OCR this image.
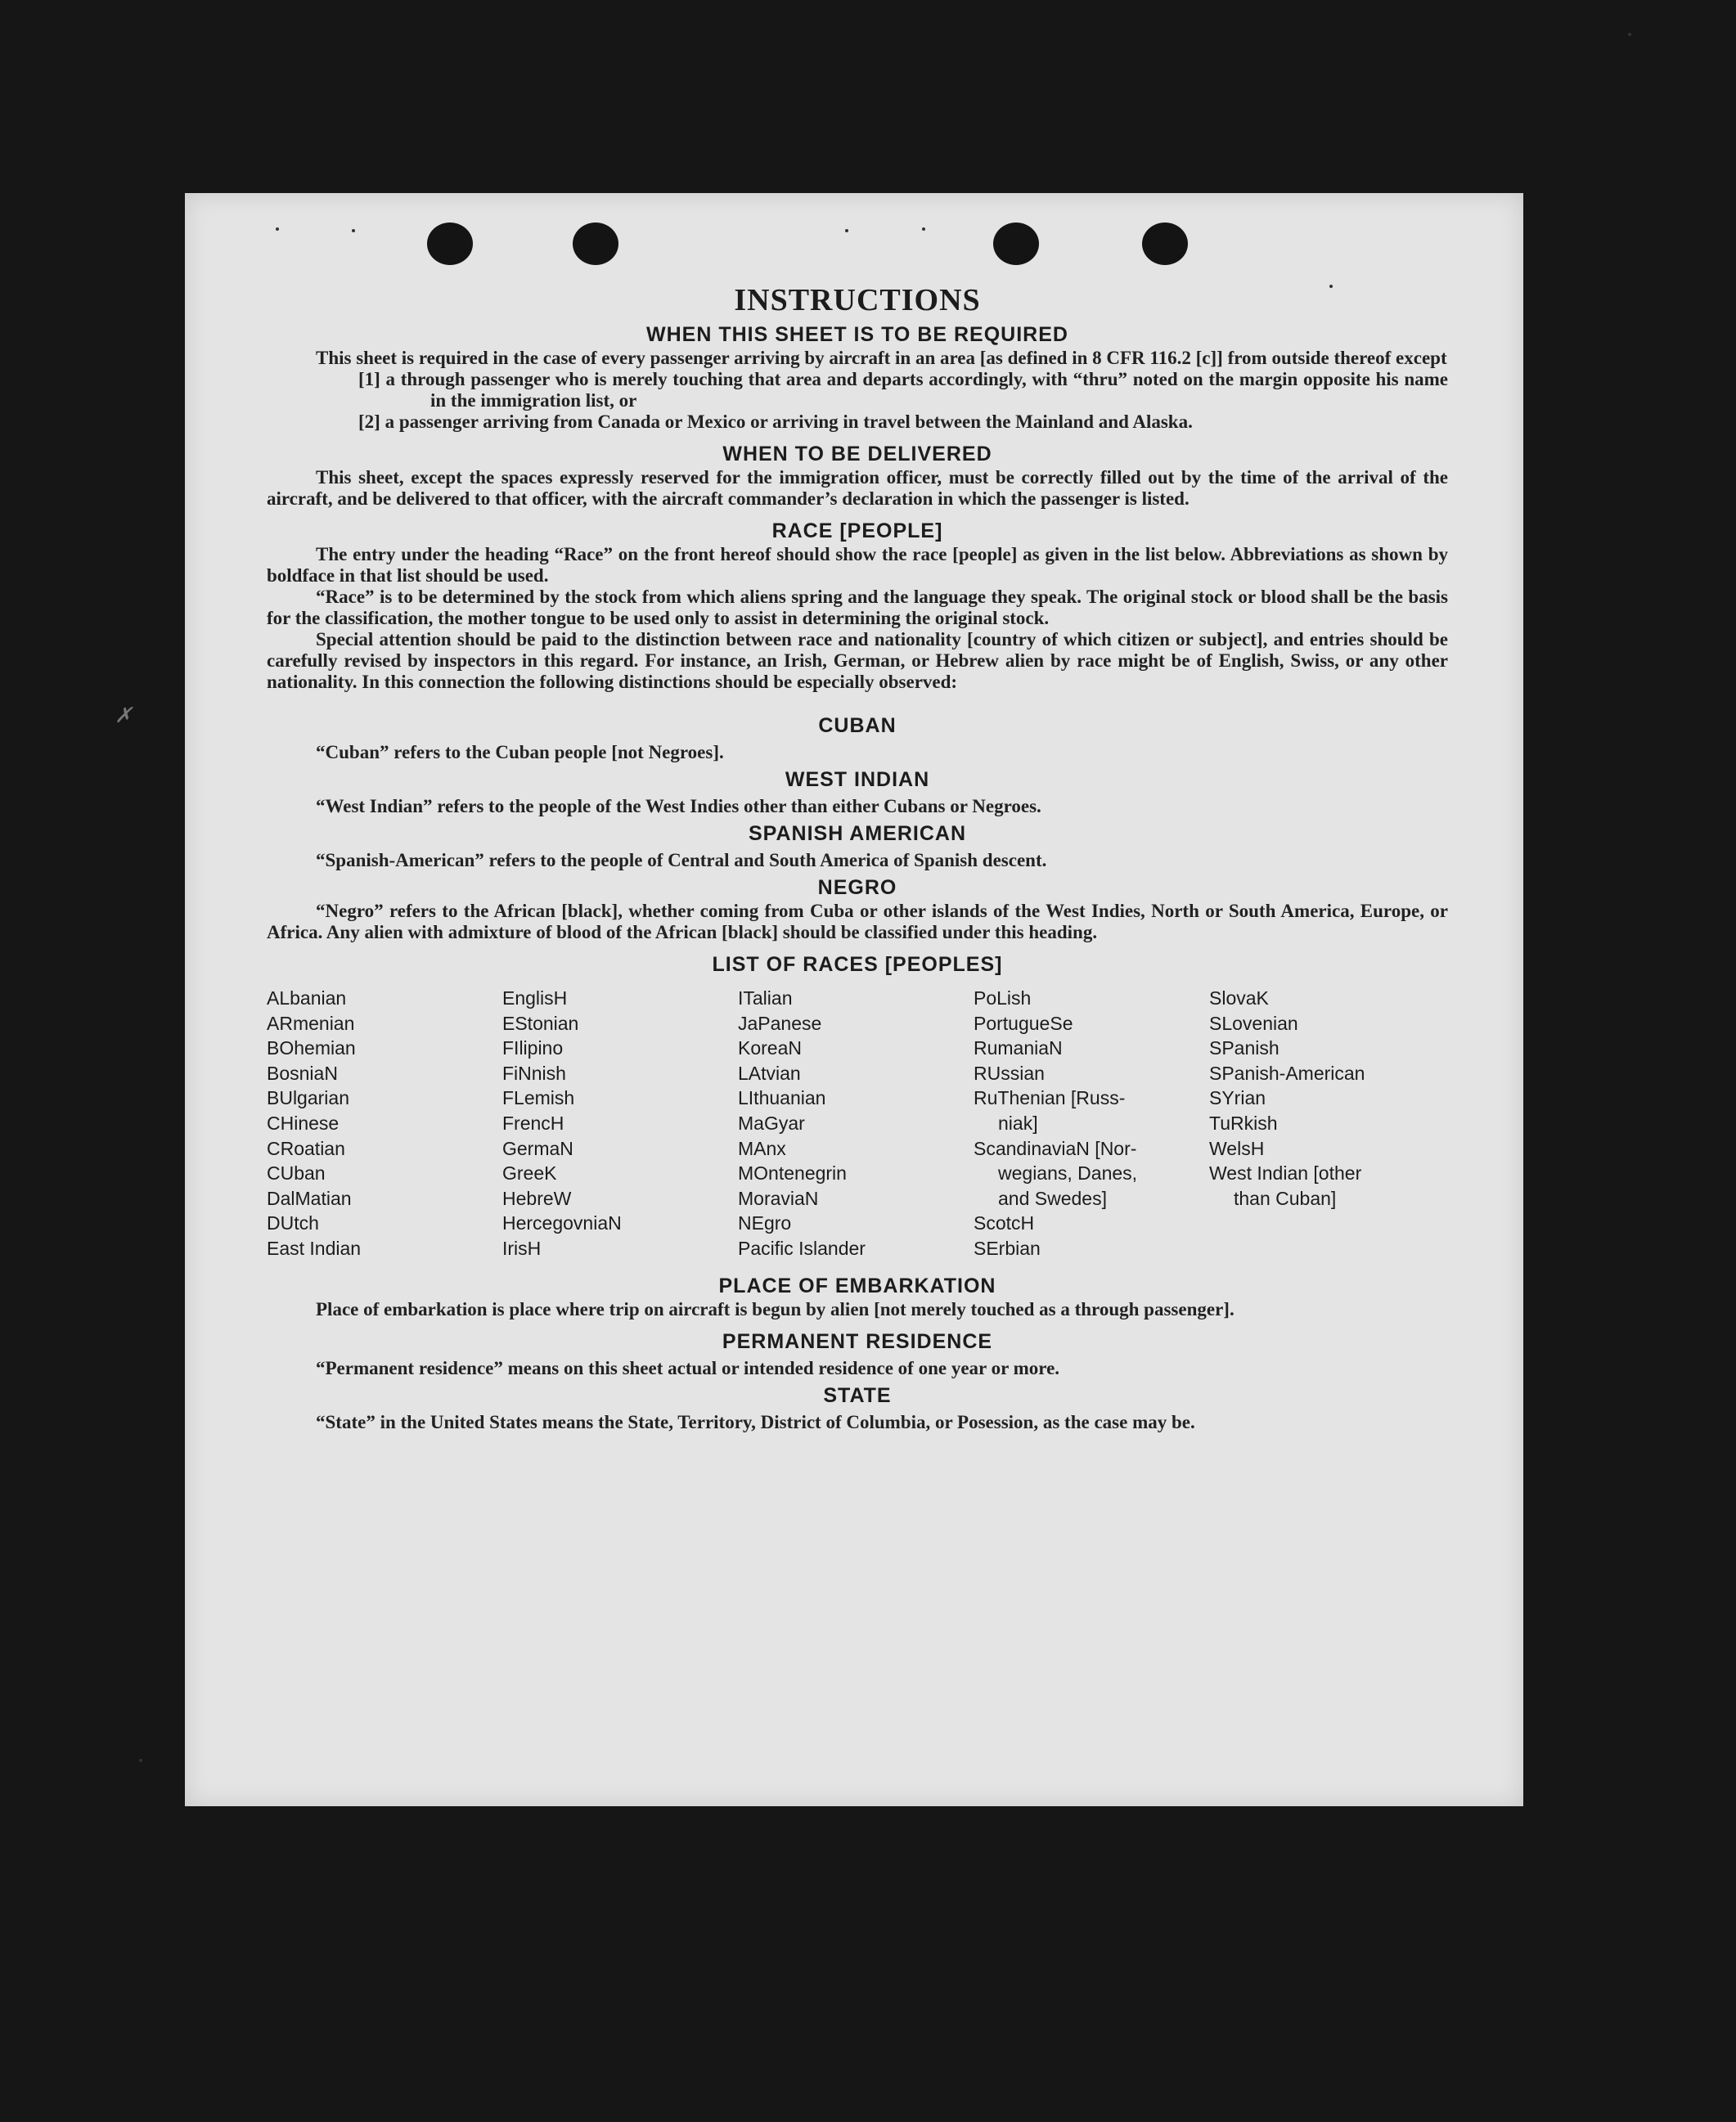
✗
INSTRUCTIONS
WHEN THIS SHEET IS TO BE REQUIRED

This sheet is required in the case of every passenger arriving by aircraft in an area [as defined in 8 CFR 116.2 [c]] from outside thereof except

[1] a through passenger who is merely touching that area and departs accordingly, with “thru” noted on the margin opposite his name in the immigration list, or

[2] a passenger arriving from Canada or Mexico or arriving in travel between the Mainland and Alaska.

WHEN TO BE DELIVERED

This sheet, except the spaces expressly reserved for the immigration officer, must be correctly filled out by the time of the arrival of the aircraft, and be delivered to that officer, with the aircraft commander’s declaration in which the passenger is listed.

RACE [PEOPLE]

The entry under the heading “Race” on the front hereof should show the race [people] as given in the list below. Abbreviations as shown by boldface in that list should be used.

“Race” is to be determined by the stock from which aliens spring and the language they speak. The original stock or blood shall be the basis for the classification, the mother tongue to be used only to assist in determining the original stock.

Special attention should be paid to the distinction between race and nationality [country of which citizen or subject], and entries should be carefully revised by inspectors in this regard. For instance, an Irish, German, or Hebrew alien by race might be of English, Swiss, or any other nationality. In this connection the following distinctions should be especially observed:

CUBAN

“Cuban” refers to the Cuban people [not Negroes].

WEST INDIAN

“West Indian” refers to the people of the West Indies other than either Cubans or Negroes.

SPANISH AMERICAN

“Spanish-American” refers to the people of Central and South America of Spanish descent.

NEGRO

“Negro” refers to the African [black], whether coming from Cuba or other islands of the West Indies, North or South America, Europe, or Africa. Any alien with admixture of blood of the African [black] should be classified under this heading.

LIST OF RACES [PEOPLES]
ALbanian
ARmenian
BOhemian
BosniaN
BUlgarian
CHinese
CRoatian
CUban
DalMatian
DUtch
East Indian
EnglisH
EStonian
FIlipino
FiNnish
FLemish
FrencH
GermaN
GreeK
HebreW
HercegovniaN
IrisH
ITalian
JaPanese
KoreaN
LAtvian
LIthuanian
MaGyar
MAnx
MOntenegrin
MoraviaN
NEgro
Pacific Islander
PoLish
PortugueSe
RumaniaN
RUssian
RuThenian [Russ-
niak]
ScandinaviaN [Nor-
wegians, Danes,
and Swedes]
ScotcH
SErbian
SlovaK
SLovenian
SPanish
SPanish-American
SYrian
TuRkish
WelsH
West Indian [other
than Cuban]
PLACE OF EMBARKATION

Place of embarkation is place where trip on aircraft is begun by alien [not merely touched as a through passenger].

PERMANENT RESIDENCE

“Permanent residence” means on this sheet actual or intended residence of one year or more.

STATE

“State” in the United States means the State, Territory, District of Columbia, or Posession, as the case may be.
